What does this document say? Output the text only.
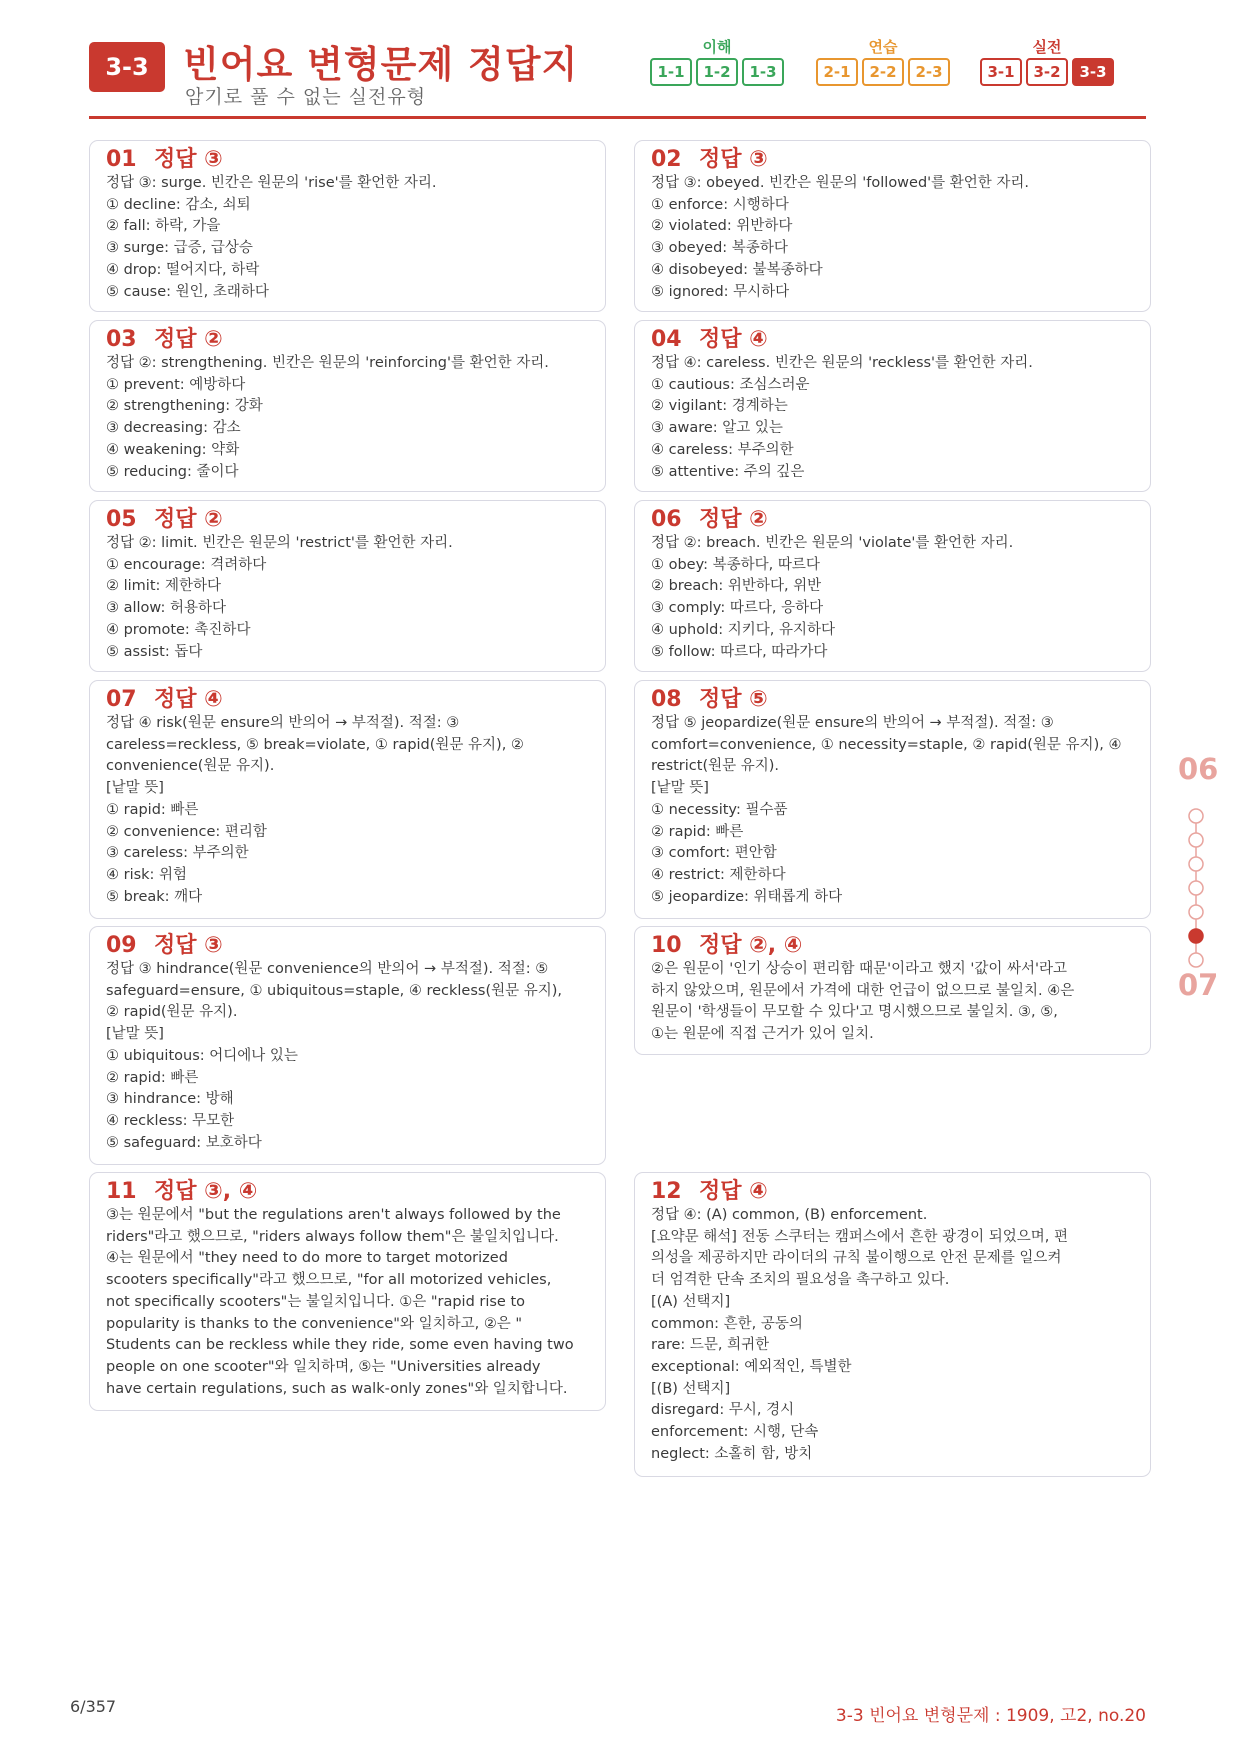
3-3 빈어요 변형문제 정답지
암기로 풀 수 없는 실전유형
이해
1-1	1-2	1-3
연습
2-1	2-2	2-3
실전
3-1	3-2	3-3
01 정답 ③
정답 ③: surge. 빈칸은 원문의 'rise'를 환언한 자리.
① decline: 감소, 쇠퇴
② fall: 하락, 가을
③ surge: 급증, 급상승
④ drop: 떨어지다, 하락
⑤ cause: 원인, 초래하다
02 정답 ③
정답 ③: obeyed. 빈칸은 원문의 'followed'를 환언한 자리.
① enforce: 시행하다
② violated: 위반하다
③ obeyed: 복종하다
④ disobeyed: 불복종하다
⑤ ignored: 무시하다
03 정답 ②
정답 ②: strengthening. 빈칸은 원문의 'reinforcing'를 환언한 자리.
① prevent: 예방하다
② strengthening: 강화
③ decreasing: 감소
④ weakening: 약화
⑤ reducing: 줄이다
04 정답 ④
정답 ④: careless. 빈칸은 원문의 'reckless'를 환언한 자리.
① cautious: 조심스러운
② vigilant: 경계하는
③ aware: 알고 있는
④ careless: 부주의한
⑤ attentive: 주의 깊은
05 정답 ②
정답 ②: limit. 빈칸은 원문의 'restrict'를 환언한 자리.
① encourage: 격려하다
② limit: 제한하다
③ allow: 허용하다
④ promote: 촉진하다
⑤ assist: 돕다
06 정답 ②
정답 ②: breach. 빈칸은 원문의 'violate'를 환언한 자리.
① obey: 복종하다, 따르다
② breach: 위반하다, 위반
③ comply: 따르다, 응하다
④ uphold: 지키다, 유지하다
⑤ follow: 따르다, 따라가다
07 정답 ④
정답 ④ risk(원문 ensure의 반의어 → 부적절). 적절: ③
careless=reckless, ⑤ break=violate, ① rapid(원문 유지), ②
convenience(원문 유지).
[낱말 뜻]
① rapid: 빠른
② convenience: 편리함
③ careless: 부주의한
④ risk: 위험
⑤ break: 깨다
08 정답 ⑤
정답 ⑤ jeopardize(원문 ensure의 반의어 → 부적절). 적절: ③
comfort=convenience, ① necessity=staple, ② rapid(원문 유지), ④
restrict(원문 유지).
[낱말 뜻]
① necessity: 필수품
② rapid: 빠른
③ comfort: 편안함
④ restrict: 제한하다
⑤ jeopardize: 위태롭게 하다
09 정답 ③
정답 ③ hindrance(원문 convenience의 반의어 → 부적절). 적절: ⑤
safeguard=ensure, ① ubiquitous=staple, ④ reckless(원문 유지),
② rapid(원문 유지).
[낱말 뜻]
① ubiquitous: 어디에나 있는
② rapid: 빠른
③ hindrance: 방해
④ reckless: 무모한
⑤ safeguard: 보호하다
10 정답 ②, ④
②은 원문이 '인기 상승이 편리함 때문'이라고 했지 '값이 싸서'라고
하지 않았으며, 원문에서 가격에 대한 언급이 없으므로 불일치. ④은
원문이 '학생들이 무모할 수 있다'고 명시했으므로 불일치. ③, ⑤,
①는 원문에 직접 근거가 있어 일치.
11 정답 ③, ④
③는 원문에서 "but the regulations aren't always followed by the
riders"라고 했으므로, "riders always follow them"은 불일치입니다.
④는 원문에서 "they need to do more to target motorized
scooters specifically"라고 했으므로, "for all motorized vehicles,
not specifically scooters"는 불일치입니다. ①은 "rapid rise to
popularity is thanks to the convenience"와 일치하고, ②은 "
Students can be reckless while they ride, some even having two
people on one scooter"와 일치하며, ⑤는 "Universities already
have certain regulations, such as walk-only zones"와 일치합니다.
12 정답 ④
정답 ④: (A) common, (B) enforcement.
[요약문 해석] 전동 스쿠터는 캠퍼스에서 흔한 광경이 되었으며, 편
의성을 제공하지만 라이더의 규칙 불이행으로 안전 문제를 일으켜
더 엄격한 단속 조치의 필요성을 촉구하고 있다.
[(A) 선택지]
common: 흔한, 공동의
rare: 드문, 희귀한
exceptional: 예외적인, 특별한
[(B) 선택지]
disregard: 무시, 경시
enforcement: 시행, 단속
neglect: 소홀히 함, 방치
06
07
6/357	3-3 빈어요 변형문제 : 1909, 고2, no.20
